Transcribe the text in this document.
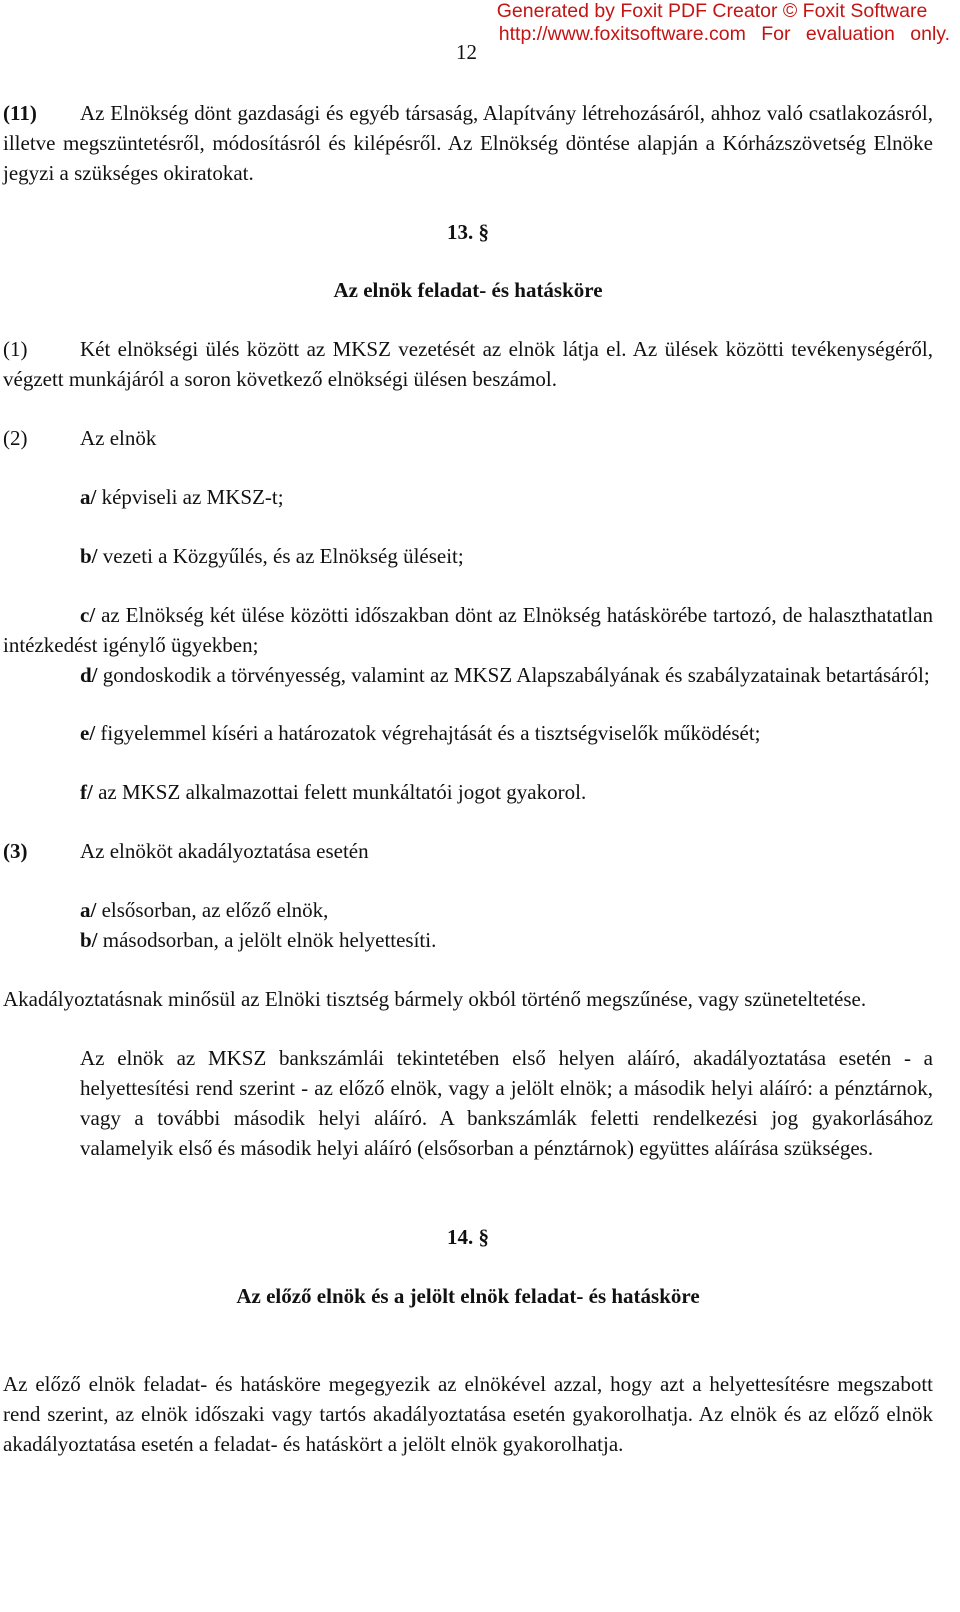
Generated by Foxit PDF Creator © Foxit Software
http://www.foxitsoftware.com For evaluation only.
12

(11) Az Elnökség dönt gazdasági és egyéb társaság, Alapítvány létrehozásáról, ahhoz való csatlakozásról, illetve megszüntetésről, módosításról és kilépésről. Az Elnökség döntése alapján a Kórházszövetség Elnöke jegyzi a szükséges okiratokat.

13. §

Az elnök feladat- és hatásköre

(1)	Két elnökségi ülés között az MKSZ vezetését az elnök látja el. Az ülések közötti tevékenységéről, végzett munkájáról a soron következő elnökségi ülésen beszámol.

(2)	Az elnök

a/ képviseli az MKSZ-t;

b/ vezeti a Közgyűlés, és az Elnökség üléseit;

c/ az Elnökség két ülése közötti időszakban dönt az Elnökség hatáskörébe tartozó, de halaszthatatlan intézkedést igénylő ügyekben;

d/ gondoskodik a törvényesség, valamint az MKSZ Alapszabályának és szabályzatainak betartásáról;

e/ figyelemmel kíséri a határozatok végrehajtását és a tisztségviselők működését;

f/ az MKSZ alkalmazottai felett munkáltatói jogot gyakorol.

(3)	Az elnököt akadályoztatása esetén

a/ elsősorban, az előző elnök,

b/ másodsorban, a jelölt elnök helyettesíti.

Akadályoztatásnak minősül az Elnöki tisztség bármely okból történő megszűnése, vagy szüneteltetése.

Az elnök az MKSZ bankszámlái tekintetében első helyen aláíró, akadályoztatása esetén - a helyettesítési rend szerint - az előző elnök, vagy a jelölt elnök; a második helyi aláíró: a pénztárnok, vagy a további második helyi aláíró. A bankszámlák feletti rendelkezési jog gyakorlásához valamelyik első és második helyi aláíró (elsősorban a pénztárnok) együttes aláírása szükséges.

14. §

Az előző elnök és a jelölt elnök feladat- és hatásköre

Az előző elnök feladat- és hatásköre megegyezik az elnökével azzal, hogy azt a helyettesítésre megszabott rend szerint, az elnök időszaki vagy tartós akadályoztatása esetén gyakorolhatja. Az elnök és az előző elnök akadályoztatása esetén a feladat- és hatáskört a jelölt elnök gyakorolhatja.
